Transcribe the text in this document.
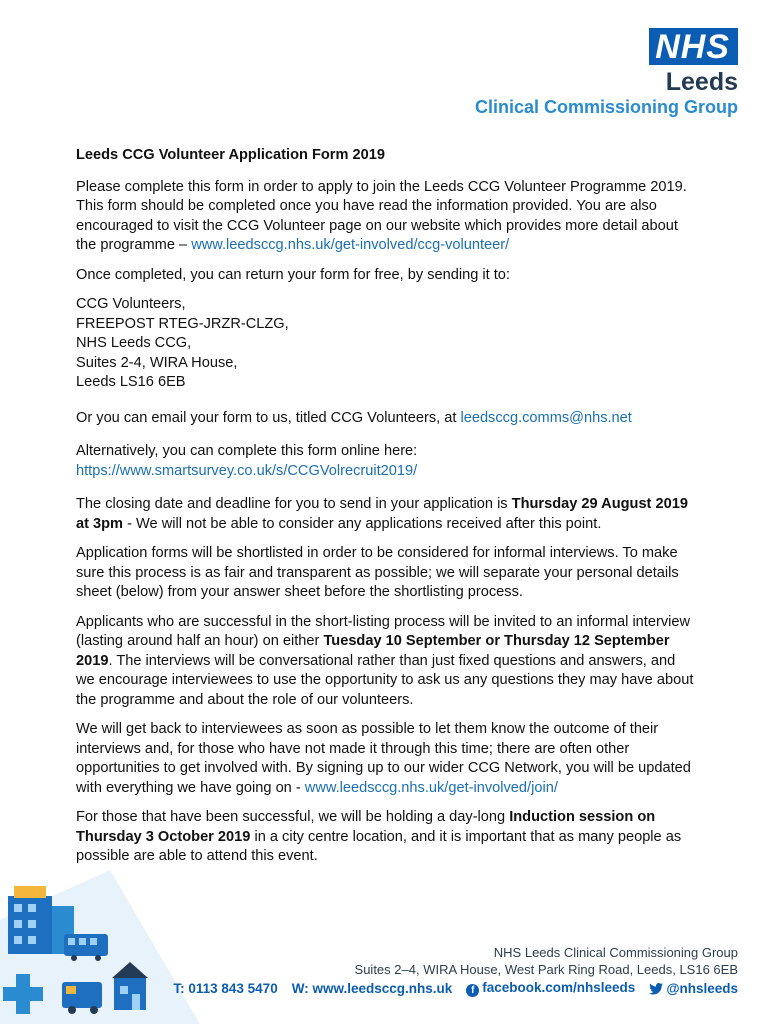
NHS
Leeds
Clinical Commissioning Group

Leeds CCG Volunteer Application Form 2019

Please complete this form in order to apply to join the Leeds CCG Volunteer Programme 2019. This form should be completed once you have read the information provided. You are also encouraged to visit the CCG Volunteer page on our website which provides more detail about the programme – www.leedsccg.nhs.uk/get-involved/ccg-volunteer/

Once completed, you can return your form for free, by sending it to:

CCG Volunteers,
FREEPOST RTEG-JRZR-CLZG,
NHS Leeds CCG,
Suites 2-4, WIRA House,
Leeds LS16 6EB

Or you can email your form to us, titled CCG Volunteers, at leedsccg.comms@nhs.net

Alternatively, you can complete this form online here:
https://www.smartsurvey.co.uk/s/CCGVolrecruit2019/

The closing date and deadline for you to send in your application is Thursday 29 August 2019 at 3pm - We will not be able to consider any applications received after this point.

Application forms will be shortlisted in order to be considered for informal interviews. To make sure this process is as fair and transparent as possible; we will separate your personal details sheet (below) from your answer sheet before the shortlisting process.

Applicants who are successful in the short-listing process will be invited to an informal interview (lasting around half an hour) on either Tuesday 10 September or Thursday 12 September 2019. The interviews will be conversational rather than just fixed questions and answers, and we encourage interviewees to use the opportunity to ask us any questions they may have about the programme and about the role of our volunteers.

We will get back to interviewees as soon as possible to let them know the outcome of their interviews and, for those who have not made it through this time; there are often other opportunities to get involved with. By signing up to our wider CCG Network, you will be updated with everything we have going on - www.leedsccg.nhs.uk/get-involved/join/

For those that have been successful, we will be holding a day-long Induction session on Thursday 3 October 2019 in a city centre location, and it is important that as many people as possible are able to attend this event.

NHS Leeds Clinical Commissioning Group
Suites 2–4, WIRA House, West Park Ring Road, Leeds, LS16 6EB
T: 0113 843 5470 W: www.leedsccg.nhs.uk	f facebook.com/nhsleeds	@nhsleeds
